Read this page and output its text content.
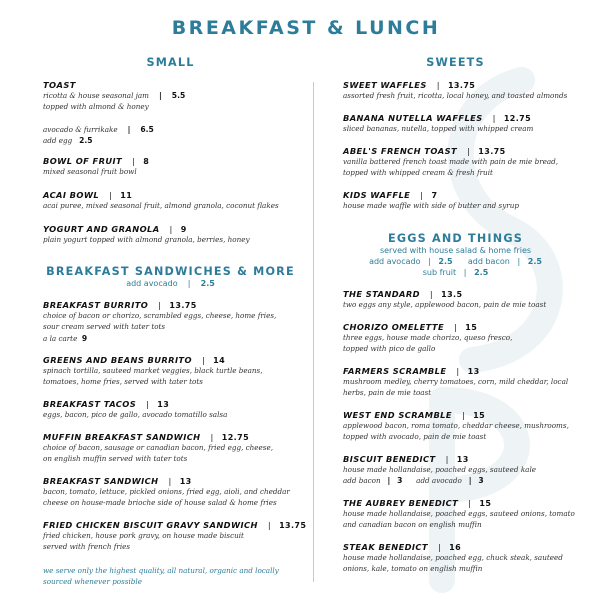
BREAKFAST & LUNCH
SMALL
TOAST
ricotta & house seasonal jam | 5.5
topped with almond & honey
avocado & furrikake | 6.5
add egg 2.5
BOWL OF FRUIT | 8
mixed seasonal fruit bowl
ACAI BOWL | 11
acai puree, mixed seasonal fruit, almond granola, coconut flakes
YOGURT AND GRANOLA | 9
plain yogurt topped with almond granola, berries, honey
BREAKFAST SANDWICHES & MORE
add avocado    |    2.5
BREAKFAST BURRITO | 13.75
choice of bacon or chorizo, scrambled eggs, cheese, home fries,
sour cream served with tater tots
a la carte 9
GREENS AND BEANS BURRITO | 14
spinach tortilla, sauteed market veggies, black turtle beans,
tomatoes, home fries, served with tater tots
BREAKFAST TACOS | 13
eggs, bacon, pico de gallo, avocado tomatillo salsa
MUFFIN BREAKFAST SANDWICH | 12.75
choice of bacon, sausage or canadian bacon, fried egg, cheese,
on english muffin served with tater tots
BREAKFAST SANDWICH | 13
bacon, tomato, lettuce, pickled onions, fried egg, aioli, and cheddar
cheese on house-made brioche side of house salad & home fries
FRIED CHICKEN BISCUIT GRAVY SANDWICH | 13.75
fried chicken, house pork gravy, on house made biscuit
served with french fries
we serve only the highest quality, all natural, organic and locally
sourced whenever possible
SWEETS
SWEET WAFFLES | 13.75
assorted fresh fruit, ricotta, local honey, and toasted almonds
BANANA NUTELLA WAFFLES | 12.75
sliced bananas, nutella, topped with whipped cream
ABEL'S FRENCH TOAST | 13.75
vanilla battered french toast made with pain de mie bread,
topped with whipped cream & fresh fruit
KIDS WAFFLE | 7
house made waffle with side of butter and syrup
EGGS AND THINGS
served with house salad & home fries
add avocado   |   2.5 add bacon   |   2.5
sub fruit   |   2.5
THE STANDARD | 13.5
two eggs any style, applewood bacon, pain de mie toast
CHORIZO OMELETTE | 15
three eggs, house made chorizo, queso fresco,
topped with pico de gallo
FARMERS SCRAMBLE | 13
mushroom medley, cherry tomatoes, corn, mild cheddar, local
herbs, pain de mie toast
WEST END SCRAMBLE | 15
applewood bacon, roma tomato, cheddar cheese, mushrooms,
topped with avocado, pain de mie toast
BISCUIT BENEDICT | 13
house made hollandaise, poached eggs, sauteed kale
add bacon | 3 add avocado | 3
THE AUBREY BENEDICT | 15
house made hollandaise, poached eggs, sauteed onions, tomato
and canadian bacon on english muffin
STEAK BENEDICT | 16
house made hollandaise, poached egg, chuck steak, sauteed
onions, kale, tomato on english muffin
